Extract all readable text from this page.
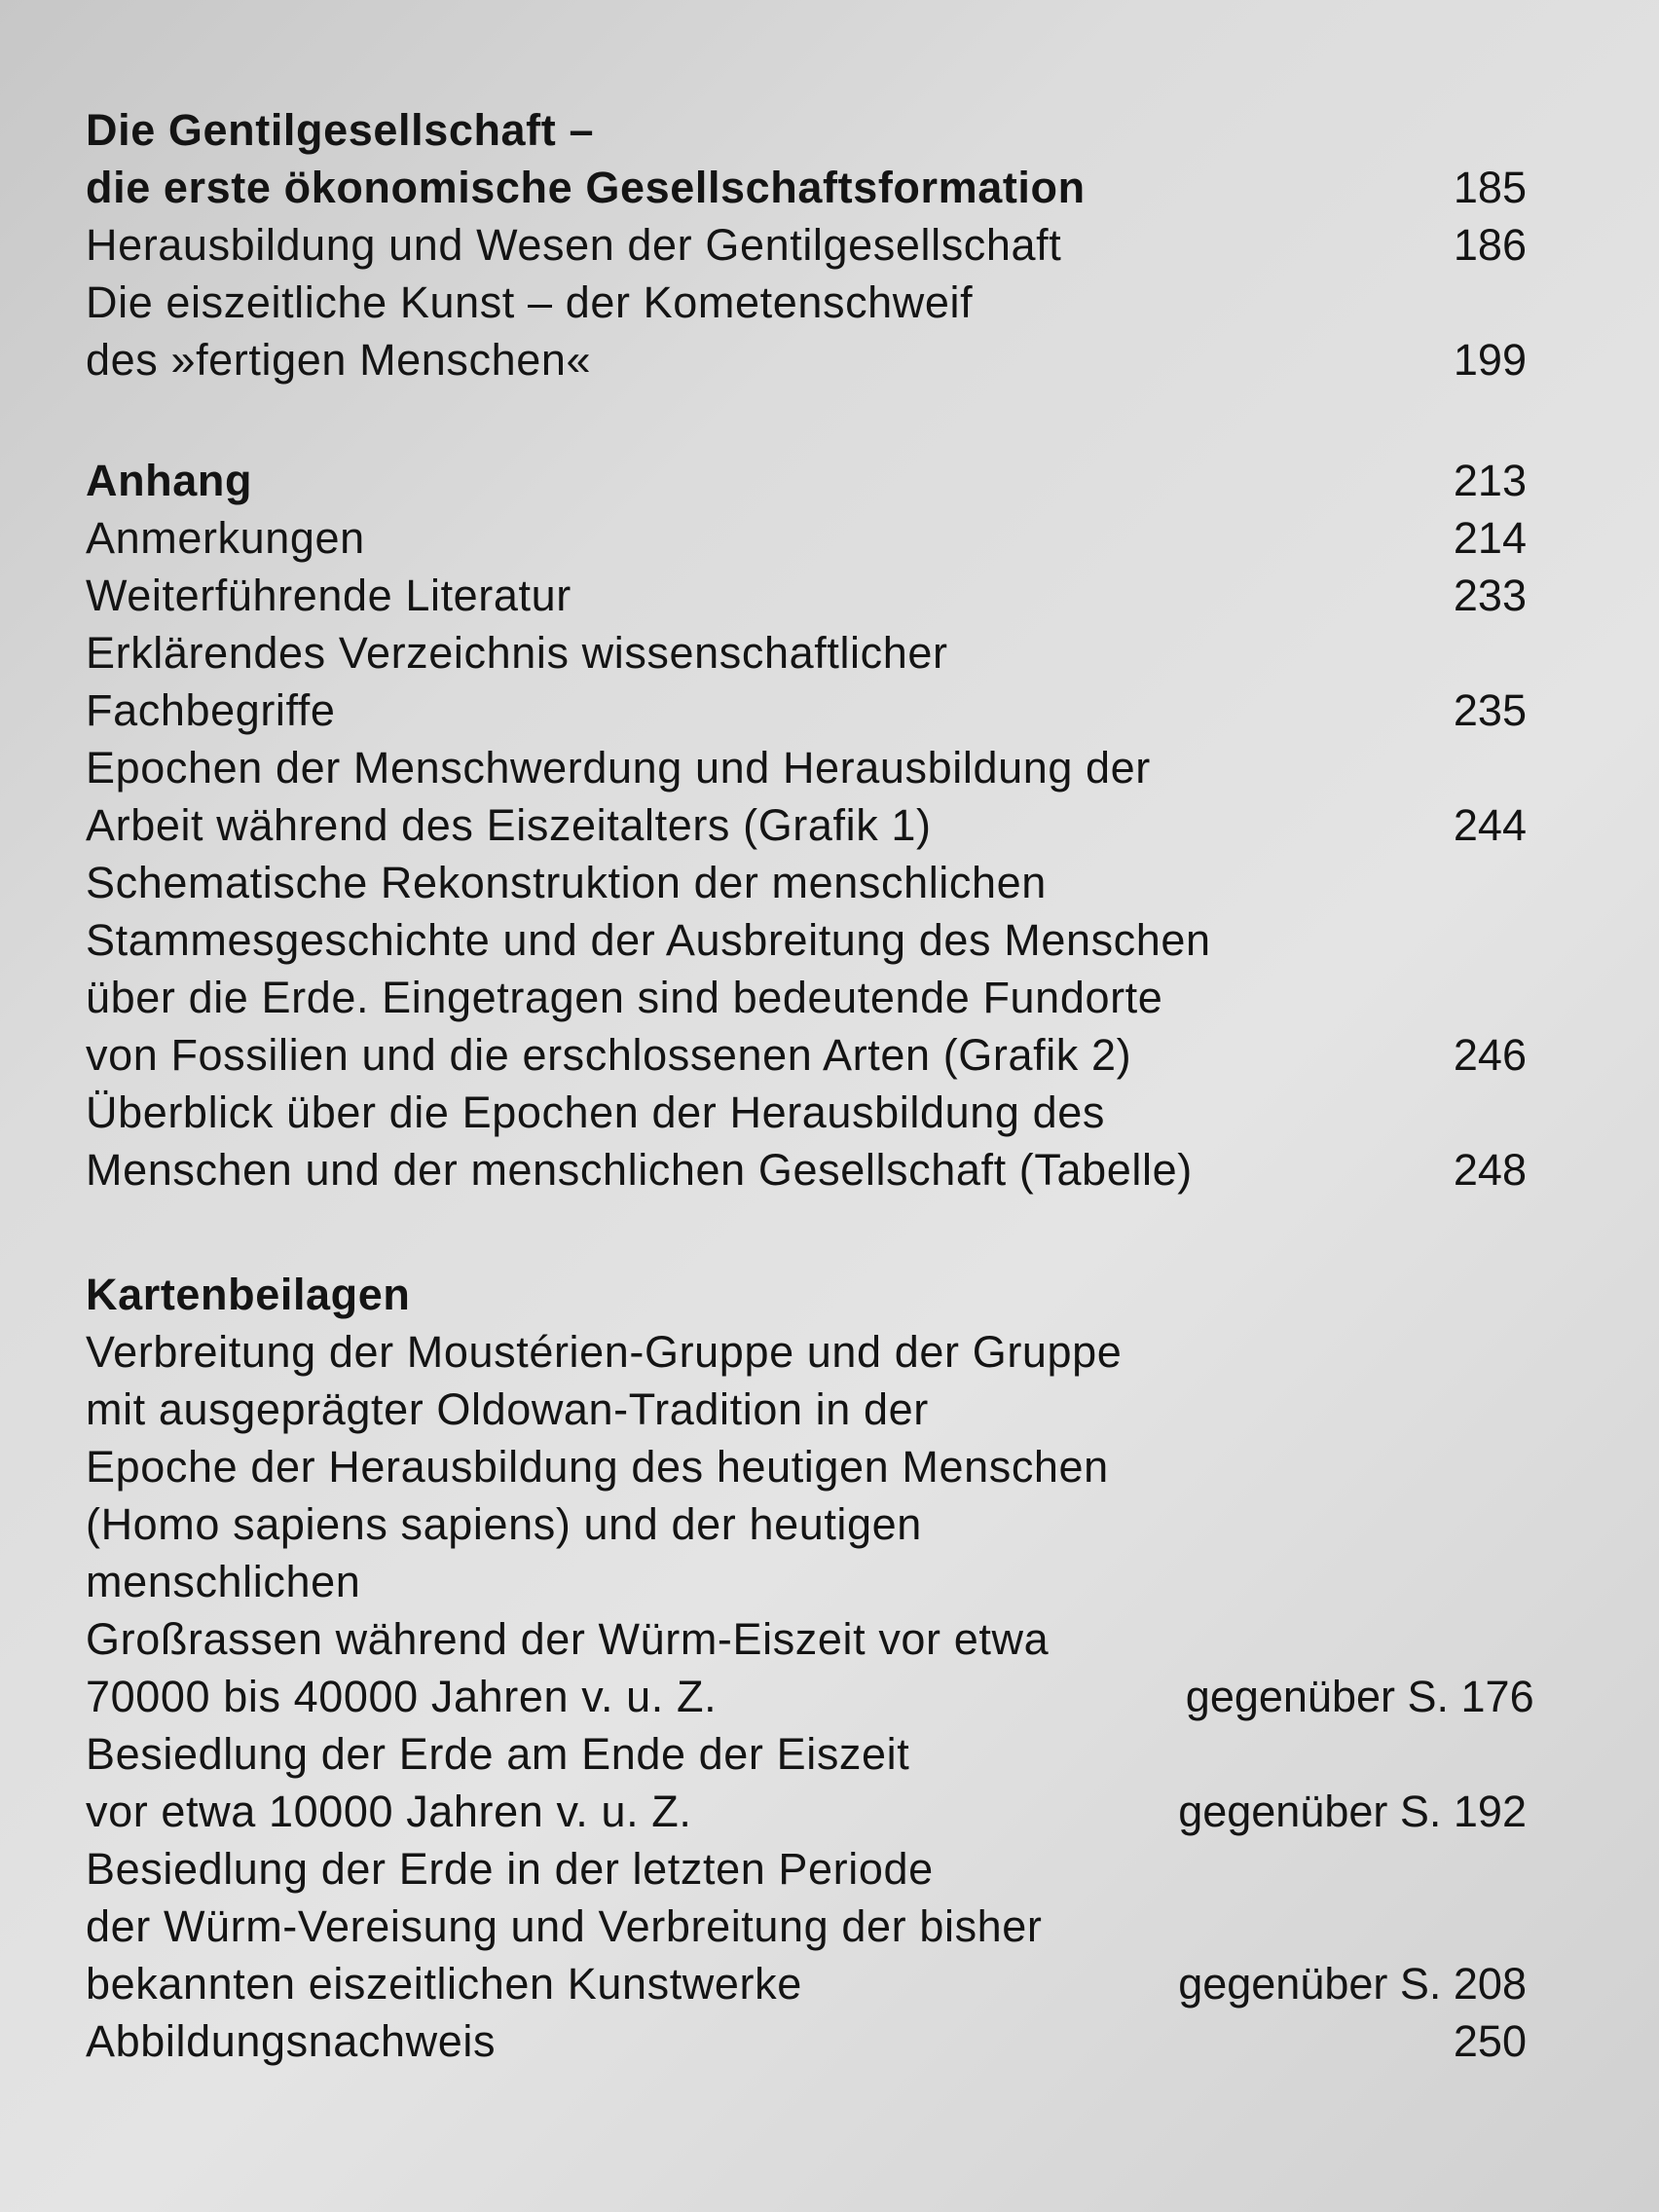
Die Gentilgesellschaft –
die erste ökonomische Gesellschaftsformation	185
Herausbildung und Wesen der Gentilgesellschaft	186
Die eiszeitliche Kunst – der Kometenschweif
des »fertigen Menschen«	199
Anhang	213
Anmerkungen	214
Weiterführende Literatur	233
Erklärendes Verzeichnis wissenschaftlicher
Fachbegriffe	235
Epochen der Menschwerdung und Herausbildung der
Arbeit während des Eiszeitalters (Grafik 1)	244
Schematische Rekonstruktion der menschlichen
Stammesgeschichte und der Ausbreitung des Menschen
über die Erde. Eingetragen sind bedeutende Fundorte
von Fossilien und die erschlossenen Arten (Grafik 2)	246
Überblick über die Epochen der Herausbildung des
Menschen und der menschlichen Gesellschaft (Tabelle)	248
Kartenbeilagen
Verbreitung der Moustérien-Gruppe und der Gruppe
mit ausgeprägter Oldowan-Tradition in der
Epoche der Herausbildung des heutigen Menschen
(Homo sapiens sapiens) und der heutigen menschlichen
Großrassen während der Würm-Eiszeit vor etwa
70000 bis 40000 Jahren v. u. Z.	gegenüber S. 176
Besiedlung der Erde am Ende der Eiszeit
vor etwa 10000 Jahren v. u. Z.	gegenüber S. 192
Besiedlung der Erde in der letzten Periode
der Würm-Vereisung und Verbreitung der bisher
bekannten eiszeitlichen Kunstwerke	gegenüber S. 208
Abbildungsnachweis	250
